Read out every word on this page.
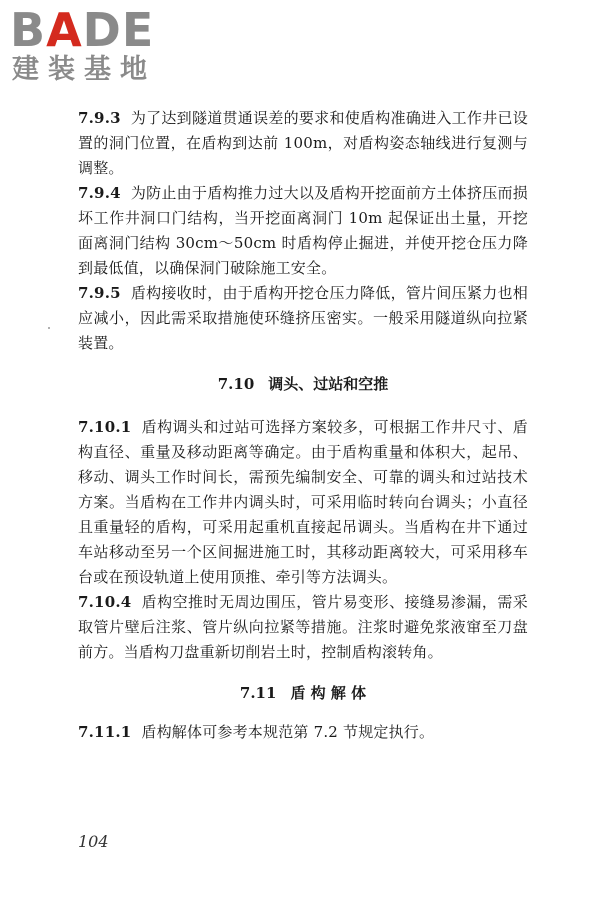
BADE
建装基地

7.9.3 为了达到隧道贯通误差的要求和使盾构准确进入工作井已设置的洞门位置，在盾构到达前 100m，对盾构姿态轴线进行复测与调整。

7.9.4 为防止由于盾构推力过大以及盾构开挖面前方土体挤压而损坏工作井洞口门结构，当开挖面离洞门 10m 起保证出土量，开挖面离洞门结构 30cm～50cm 时盾构停止掘进，并使开挖仓压力降到最低值，以确保洞门破除施工安全。

7.9.5 盾构接收时，由于盾构开挖仓压力降低，管片间压紧力也相应减小，因此需采取措施使环缝挤压密实。一般采用隧道纵向拉紧装置。

7.10 调头、过站和空推

7.10.1 盾构调头和过站可选择方案较多，可根据工作井尺寸、盾构直径、重量及移动距离等确定。由于盾构重量和体积大，起吊、移动、调头工作时间长，需预先编制安全、可靠的调头和过站技术方案。当盾构在工作井内调头时，可采用临时转向台调头；小直径且重量轻的盾构，可采用起重机直接起吊调头。当盾构在井下通过车站移动至另一个区间掘进施工时，其移动距离较大，可采用移车台或在预设轨道上使用顶推、牵引等方法调头。

7.10.4 盾构空推时无周边围压，管片易变形、接缝易渗漏，需采取管片壁后注浆、管片纵向拉紧等措施。注浆时避免浆液窜至刀盘前方。当盾构刀盘重新切削岩土时，控制盾构滚转角。

7.11 盾 构 解 体

7.11.1 盾构解体可参考本规范第 7.2 节规定执行。

104
